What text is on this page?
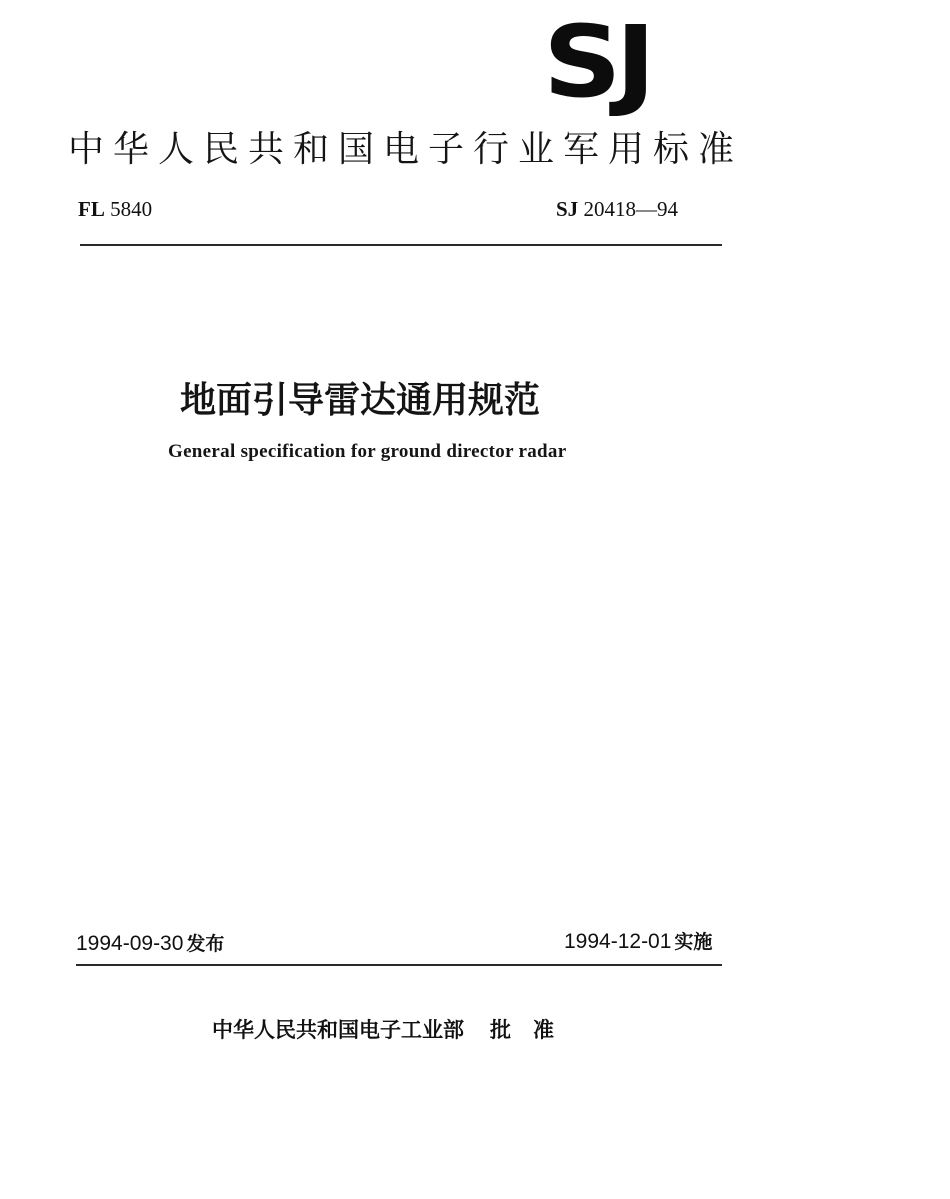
SJ
中华人民共和国电子行业军用标准
FL 5840	SJ 20418—94
地面引导雷达通用规范
General specification for ground director radar
1994-09-30 发布	1994-12-01 实施
中华人民共和国电子工业部 批准
